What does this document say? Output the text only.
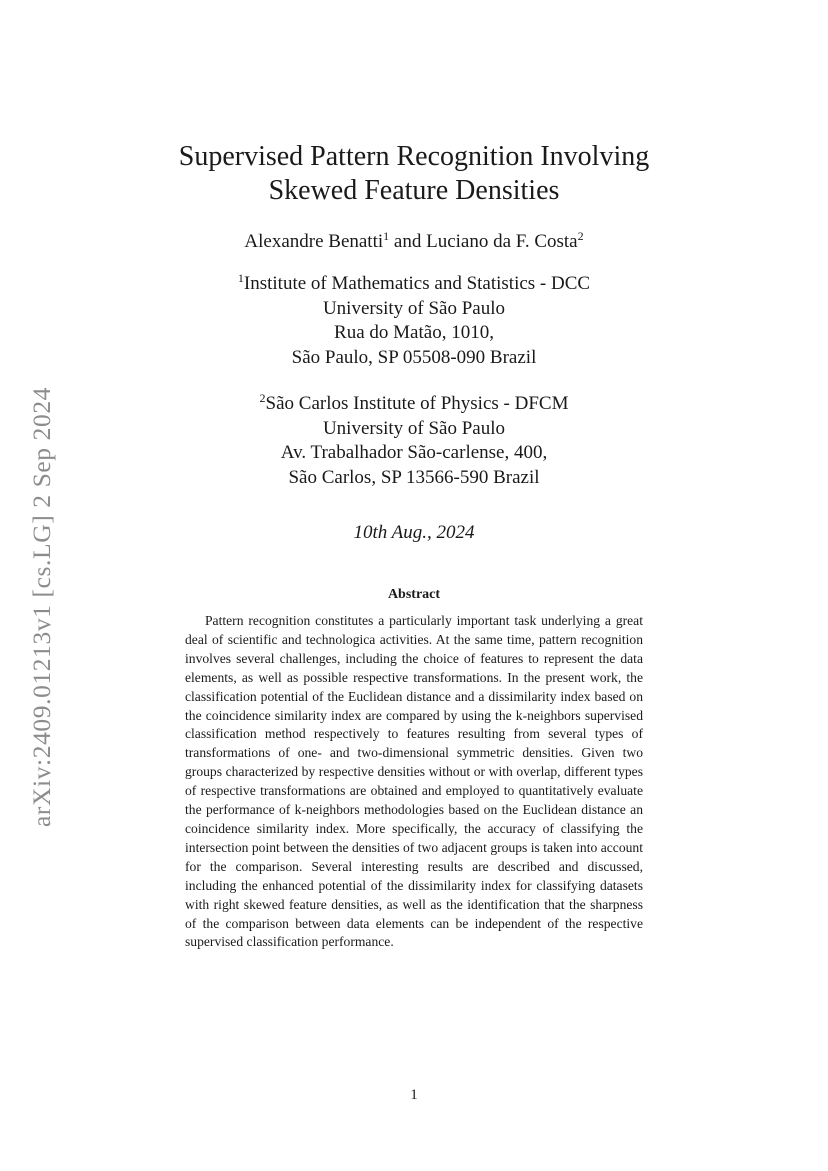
arXiv:2409.01213v1 [cs.LG] 2 Sep 2024
Supervised Pattern Recognition Involving
Skewed Feature Densities
Alexandre Benatti$^1$ and Luciano da F. Costa$^2$
$^1$Institute of Mathematics and Statistics - DCC
University of São Paulo
Rua do Matão, 1010,
São Paulo, SP 05508-090 Brazil
$^2$São Carlos Institute of Physics - DFCM
University of São Paulo
Av. Trabalhador São-carlense, 400,
São Carlos, SP 13566-590 Brazil
10th Aug., 2024
Abstract

Pattern recognition constitutes a particularly important task underlying a great deal of scientific and technologica activities. At the same time, pattern recognition involves several challenges, including the choice of features to represent the data elements, as well as possible respective transformations. In the present work, the classification potential of the Euclidean distance and a dissimilarity index based on the coincidence similarity index are compared by using the k-neighbors supervised classification method respectively to features resulting from several types of transformations of one- and two-dimensional symmetric densities. Given two groups characterized by respective densities without or with overlap, different types of respective transformations are obtained and employed to quantitatively evaluate the performance of k-neighbors methodologies based on the Euclidean distance an coincidence similarity index. More specifically, the accuracy of classifying the intersection point between the densities of two adjacent groups is taken into account for the comparison. Several interesting results are described and discussed, including the enhanced potential of the dissimilarity index for classifying datasets with right skewed feature densities, as well as the identification that the sharpness of the comparison between data elements can be independent of the respective supervised classification performance.

1
